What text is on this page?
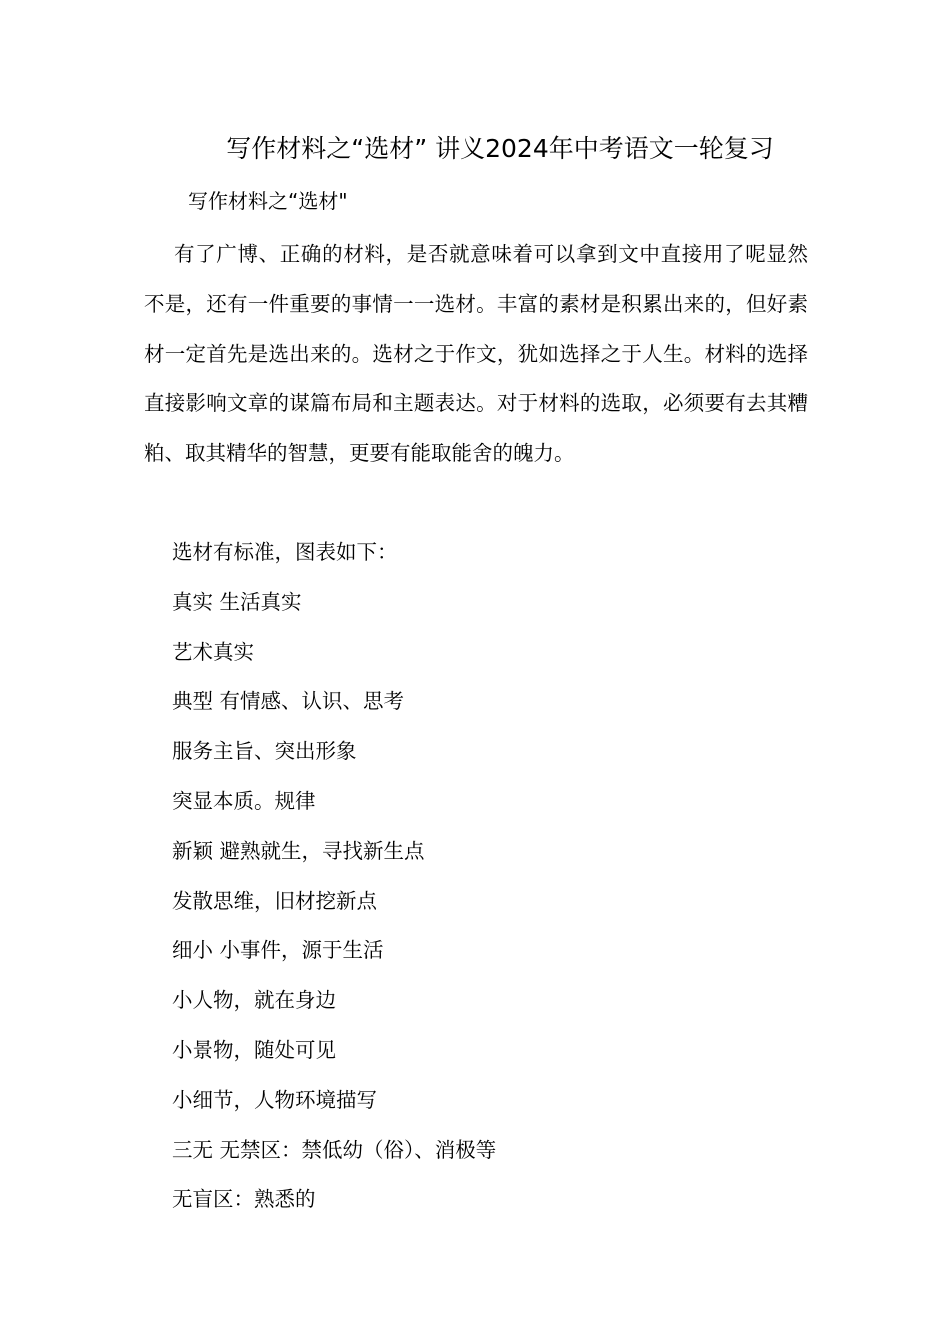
写作材料之“选材” 讲义2024年中考语文一轮复习
写作材料之“选材"

有了广博、正确的材料，是否就意味着可以拿到文中直接用了呢显然不是，还有一件重要的事情一一选材。丰富的素材是积累出来的，但好素材一定首先是选出来的。选材之于作文，犹如选择之于人生。材料的选择直接影响文章的谋篇布局和主题表达。对于材料的选取，必须要有去其糟粕、取其精华的智慧，更要有能取能舍的魄力。

选材有标准，图表如下：
真实 生活真实
艺术真实
典型 有情感、认识、思考
服务主旨、突出形象
突显本质。规律
新颖 避熟就生，寻找新生点
发散思维，旧材挖新点
细小 小事件，源于生活
小人物，就在身边
小景物，随处可见
小细节，人物环境描写
三无 无禁区：禁低幼（俗）、消极等
无盲区：熟悉的
